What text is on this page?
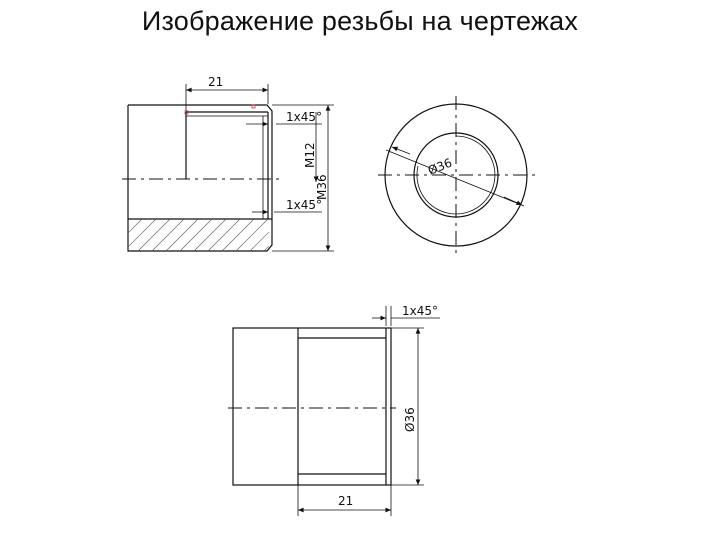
Изображение резьбы на чертежах
21
1x45°
1x45°
M12
M36
Ø36
1x45°
Ø36
21
